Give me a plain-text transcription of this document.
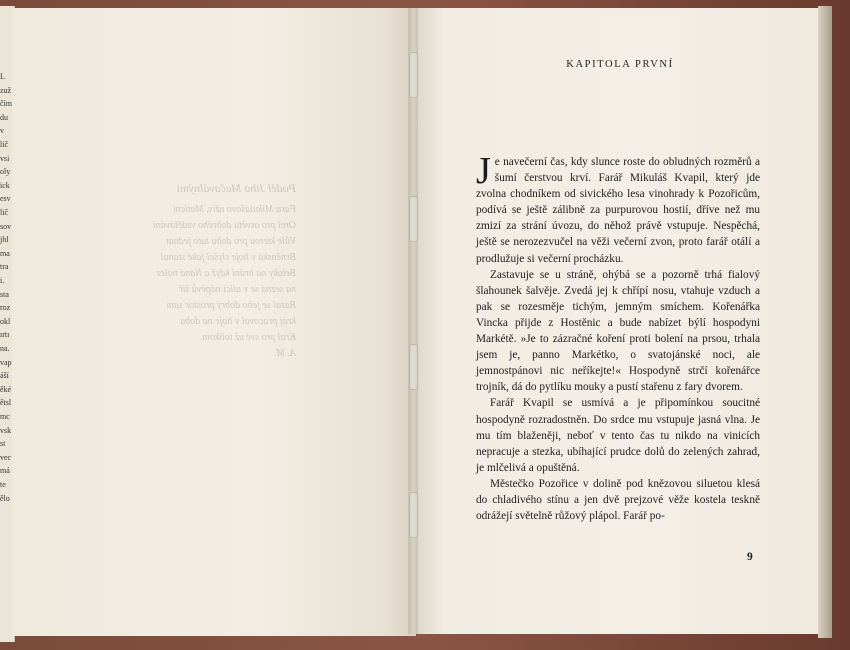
L
zuž
čím
du
v
líč
vsi
oly
ick
esv
lič
sov
jhl
ma
tra
i.
sta
roz
okl
ırtı
na.
vap
áší
ěké
ětsl
mc
vsk
st
vec
má
te
ělo
Poděl Jiho Mečaválnými
Fara Mikulášovo uživ, Matícní
Orel pro osvětu dobrého vzdělávání
Vůle kterou pro dobu tuto jednat
Brněnská v hoje slyšel jaké stanul
Beluky na hrání když a Naná nalez
na sezná se v ulici nápěvů šíř
Razal se jeho dobrý prostor sam
kraj pracoval v hoje na dobu
Kral pro své už tolikom.
A. M.
KAPITOLA PRVNÍ

Je navečerní čas, kdy slunce roste do obludných rozměrů a šumí čerstvou krví. Farář Mikuláš Kvapil, který jde zvolna chodníkem od sivického lesa vinohrady k Pozořicům, podívá se ještě zálibně za purpurovou hostií, dříve než mu zmizí za strání úvozu, do něhož právě vstupuje. Nespěchá, ještě se nerozezvučel na věži večerní zvon, proto farář otálí a prodlužuje si večerní procházku.

Zastavuje se u stráně, ohýbá se a pozorně trhá fialový šlahounek šalvěje. Zvedá jej k chřípí nosu, vtahuje vzduch a pak se rozesměje tichým, jemným smíchem. Kořenářka Vincka přijde z Hostěnic a bude nabízet býlí hospodyni Markétě. »Je to zázračné koření proti bolení na prsou, trhala jsem je, panno Markétko, o svatojánské noci, ale jemnostpánovi nic neříkejte!« Hospodyně strčí kořenářce trojník, dá do pytlíku mouky a pustí stařenu z fary dvorem.

Farář Kvapil se usmívá a je připomínkou soucitné hospodyně rozradostněn. Do srdce mu vstupuje jasná vlna. Je mu tím blaženěji, neboť v tento čas tu nikdo na vinicích nepracuje a stezka, ubíhající prudce dolů do zelených zahrad, je mlčelivá a opuštěná.

Městečko Pozořice v dolině pod knězovou siluetou klesá do chladivého stínu a jen dvě prejzové věže kostela teskně odrážejí světelně růžový plápol. Farář po-

9
